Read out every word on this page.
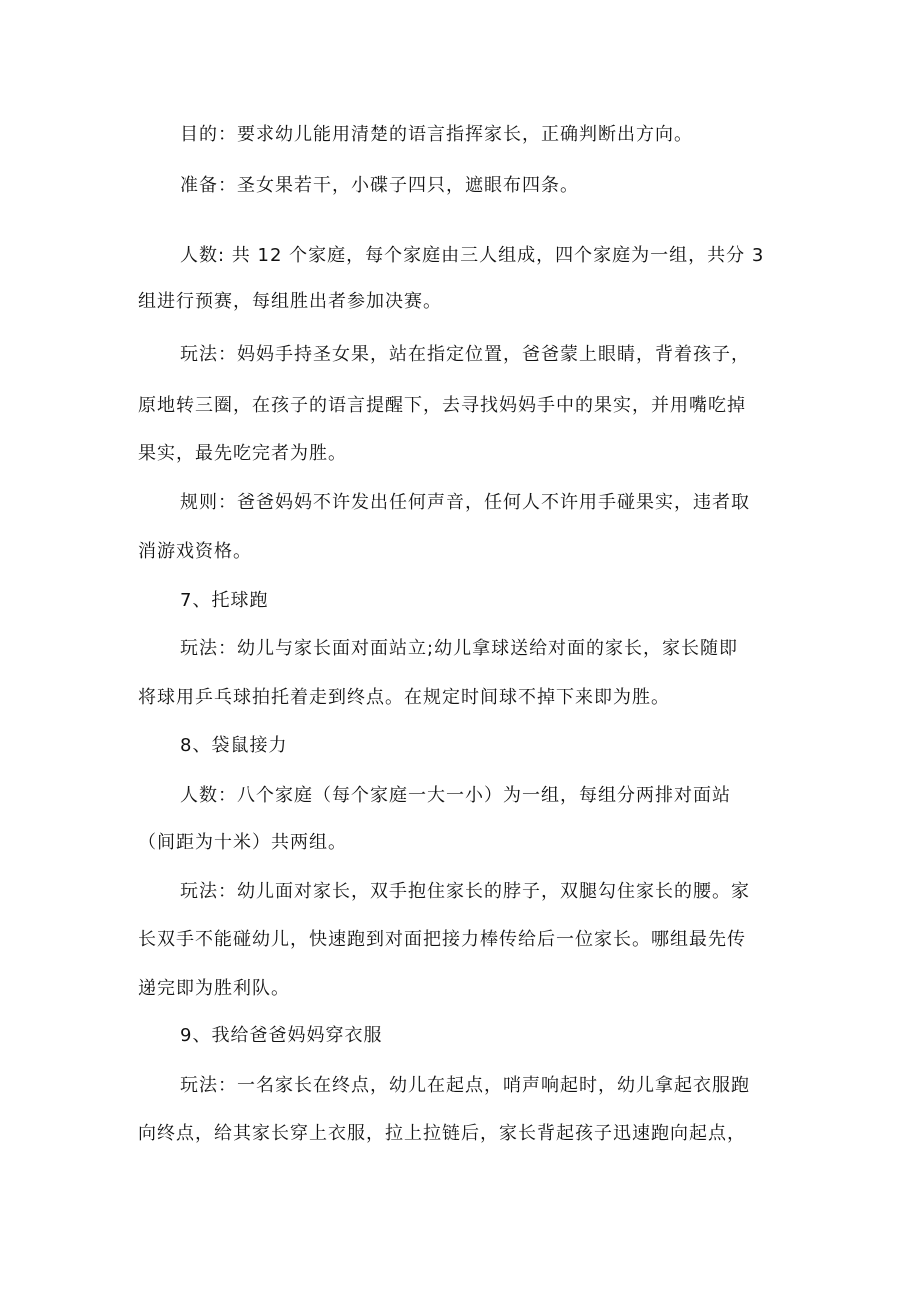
目的：要求幼儿能用清楚的语言指挥家长，正确判断出方向。
准备：圣女果若干，小碟子四只，遮眼布四条。
人数: 共 12 个家庭，每个家庭由三人组成，四个家庭为一组，共分 3
组进行预赛，每组胜出者参加决赛。
玩法：妈妈手持圣女果，站在指定位置，爸爸蒙上眼睛，背着孩子，
原地转三圈，在孩子的语言提醒下，去寻找妈妈手中的果实，并用嘴吃掉
果实，最先吃完者为胜。
规则：爸爸妈妈不许发出任何声音，任何人不许用手碰果实，违者取
消游戏资格。
7、托球跑
玩法：幼儿与家长面对面站立;幼儿拿球送给对面的家长，家长随即
将球用乒乓球拍托着走到终点。在规定时间球不掉下来即为胜。
8、袋鼠接力
人数：八个家庭（每个家庭一大一小）为一组，每组分两排对面站
（间距为十米）共两组。
玩法：幼儿面对家长，双手抱住家长的脖子，双腿勾住家长的腰。家
长双手不能碰幼儿，快速跑到对面把接力棒传给后一位家长。哪组最先传
递完即为胜利队。
9、我给爸爸妈妈穿衣服
玩法：一名家长在终点，幼儿在起点，哨声响起时，幼儿拿起衣服跑
向终点，给其家长穿上衣服，拉上拉链后，家长背起孩子迅速跑向起点，
